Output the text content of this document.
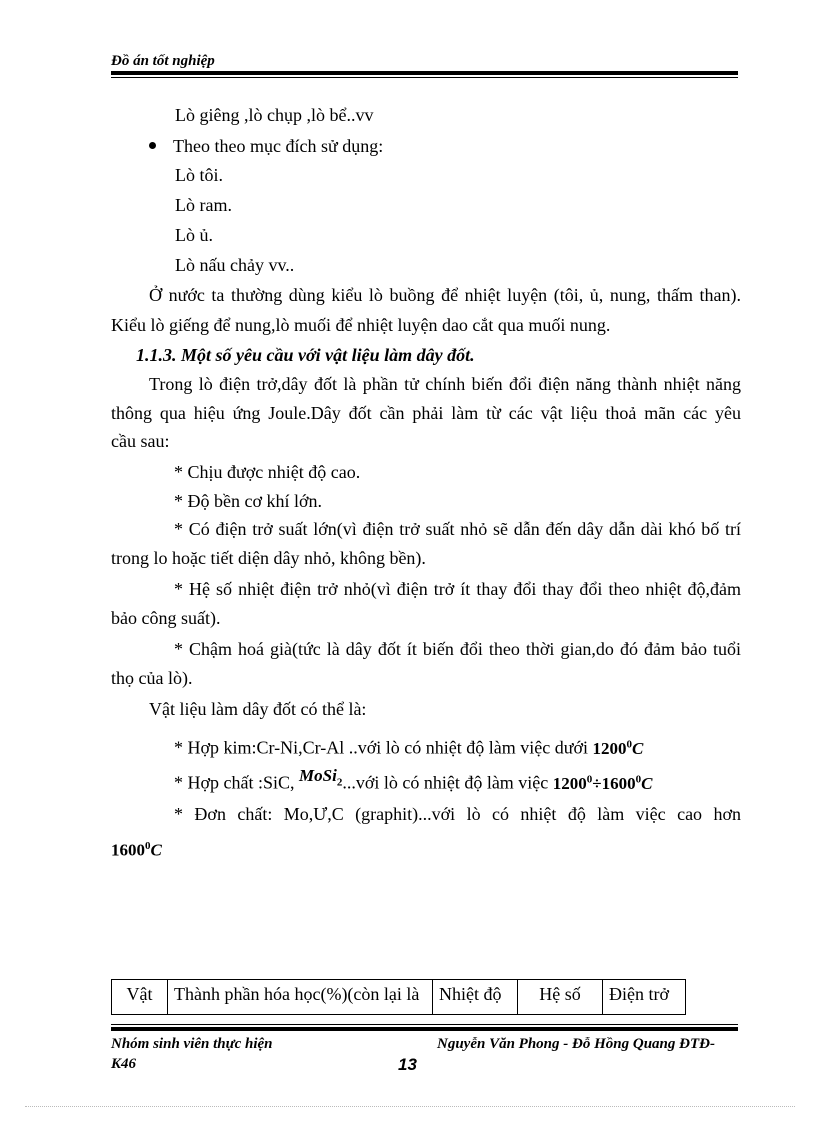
Đồ án tốt nghiệp
Lò giêng ,lò chụp ,lò bể..vv
Theo theo mục đích sử dụng:
Lò tôi.
Lò ram.
Lò ủ.
Lò nấu chảy vv..
Ở nước ta thường dùng kiểu lò buồng để nhiệt luyện (tôi, ủ, nung, thấm than).
Kiểu lò giếng để nung,lò muối để nhiệt luyện dao cắt qua muối nung.
1.1.3. Một số yêu cầu với vật liệu làm dây đốt.
Trong lò điện trở,dây đốt là phần tử chính biến đổi điện năng thành nhiệt năng
thông qua hiệu ứng Joule.Dây đốt cần phải làm từ các vật liệu thoả mãn các yêu
cầu sau:
* Chịu được nhiệt độ cao.
* Độ bền cơ khí lớn.
* Có điện trở suất lớn(vì điện trở suất nhỏ sẽ dẫn đến dây dẫn dài khó bố trí
trong lo hoặc tiết diện dây nhỏ, không bền).
* Hệ số nhiệt điện trở nhỏ(vì điện trở ít thay đổi thay đổi theo nhiệt độ,đảm
bảo công suất).
* Chậm hoá già(tức là dây đốt ít biến đổi theo thời gian,do đó đảm bảo tuổi
thọ của lò).
Vật liệu làm dây đốt có thể là:
* Hợp kim:Cr-Ni,Cr-Al ..với lò có nhiệt độ làm việc dưới 1200$^0$C
* Hợp chất :SiC, MoSi$_2$...với lò có nhiệt độ làm việc $1200^0\div 1600^0C$
* Đơn chất: Mo,Ư,C (graphit)...với lò có nhiệt độ làm việc cao hơn
1600$^0$C
Vật	Thành phần hóa học(%)(còn lại là	Nhiệt độ	Hệ số	Điện trở
Nhóm sinh viên thực hiện
K46
Nguyễn Văn Phong - Đỗ Hồng Quang ĐTĐ-
13
